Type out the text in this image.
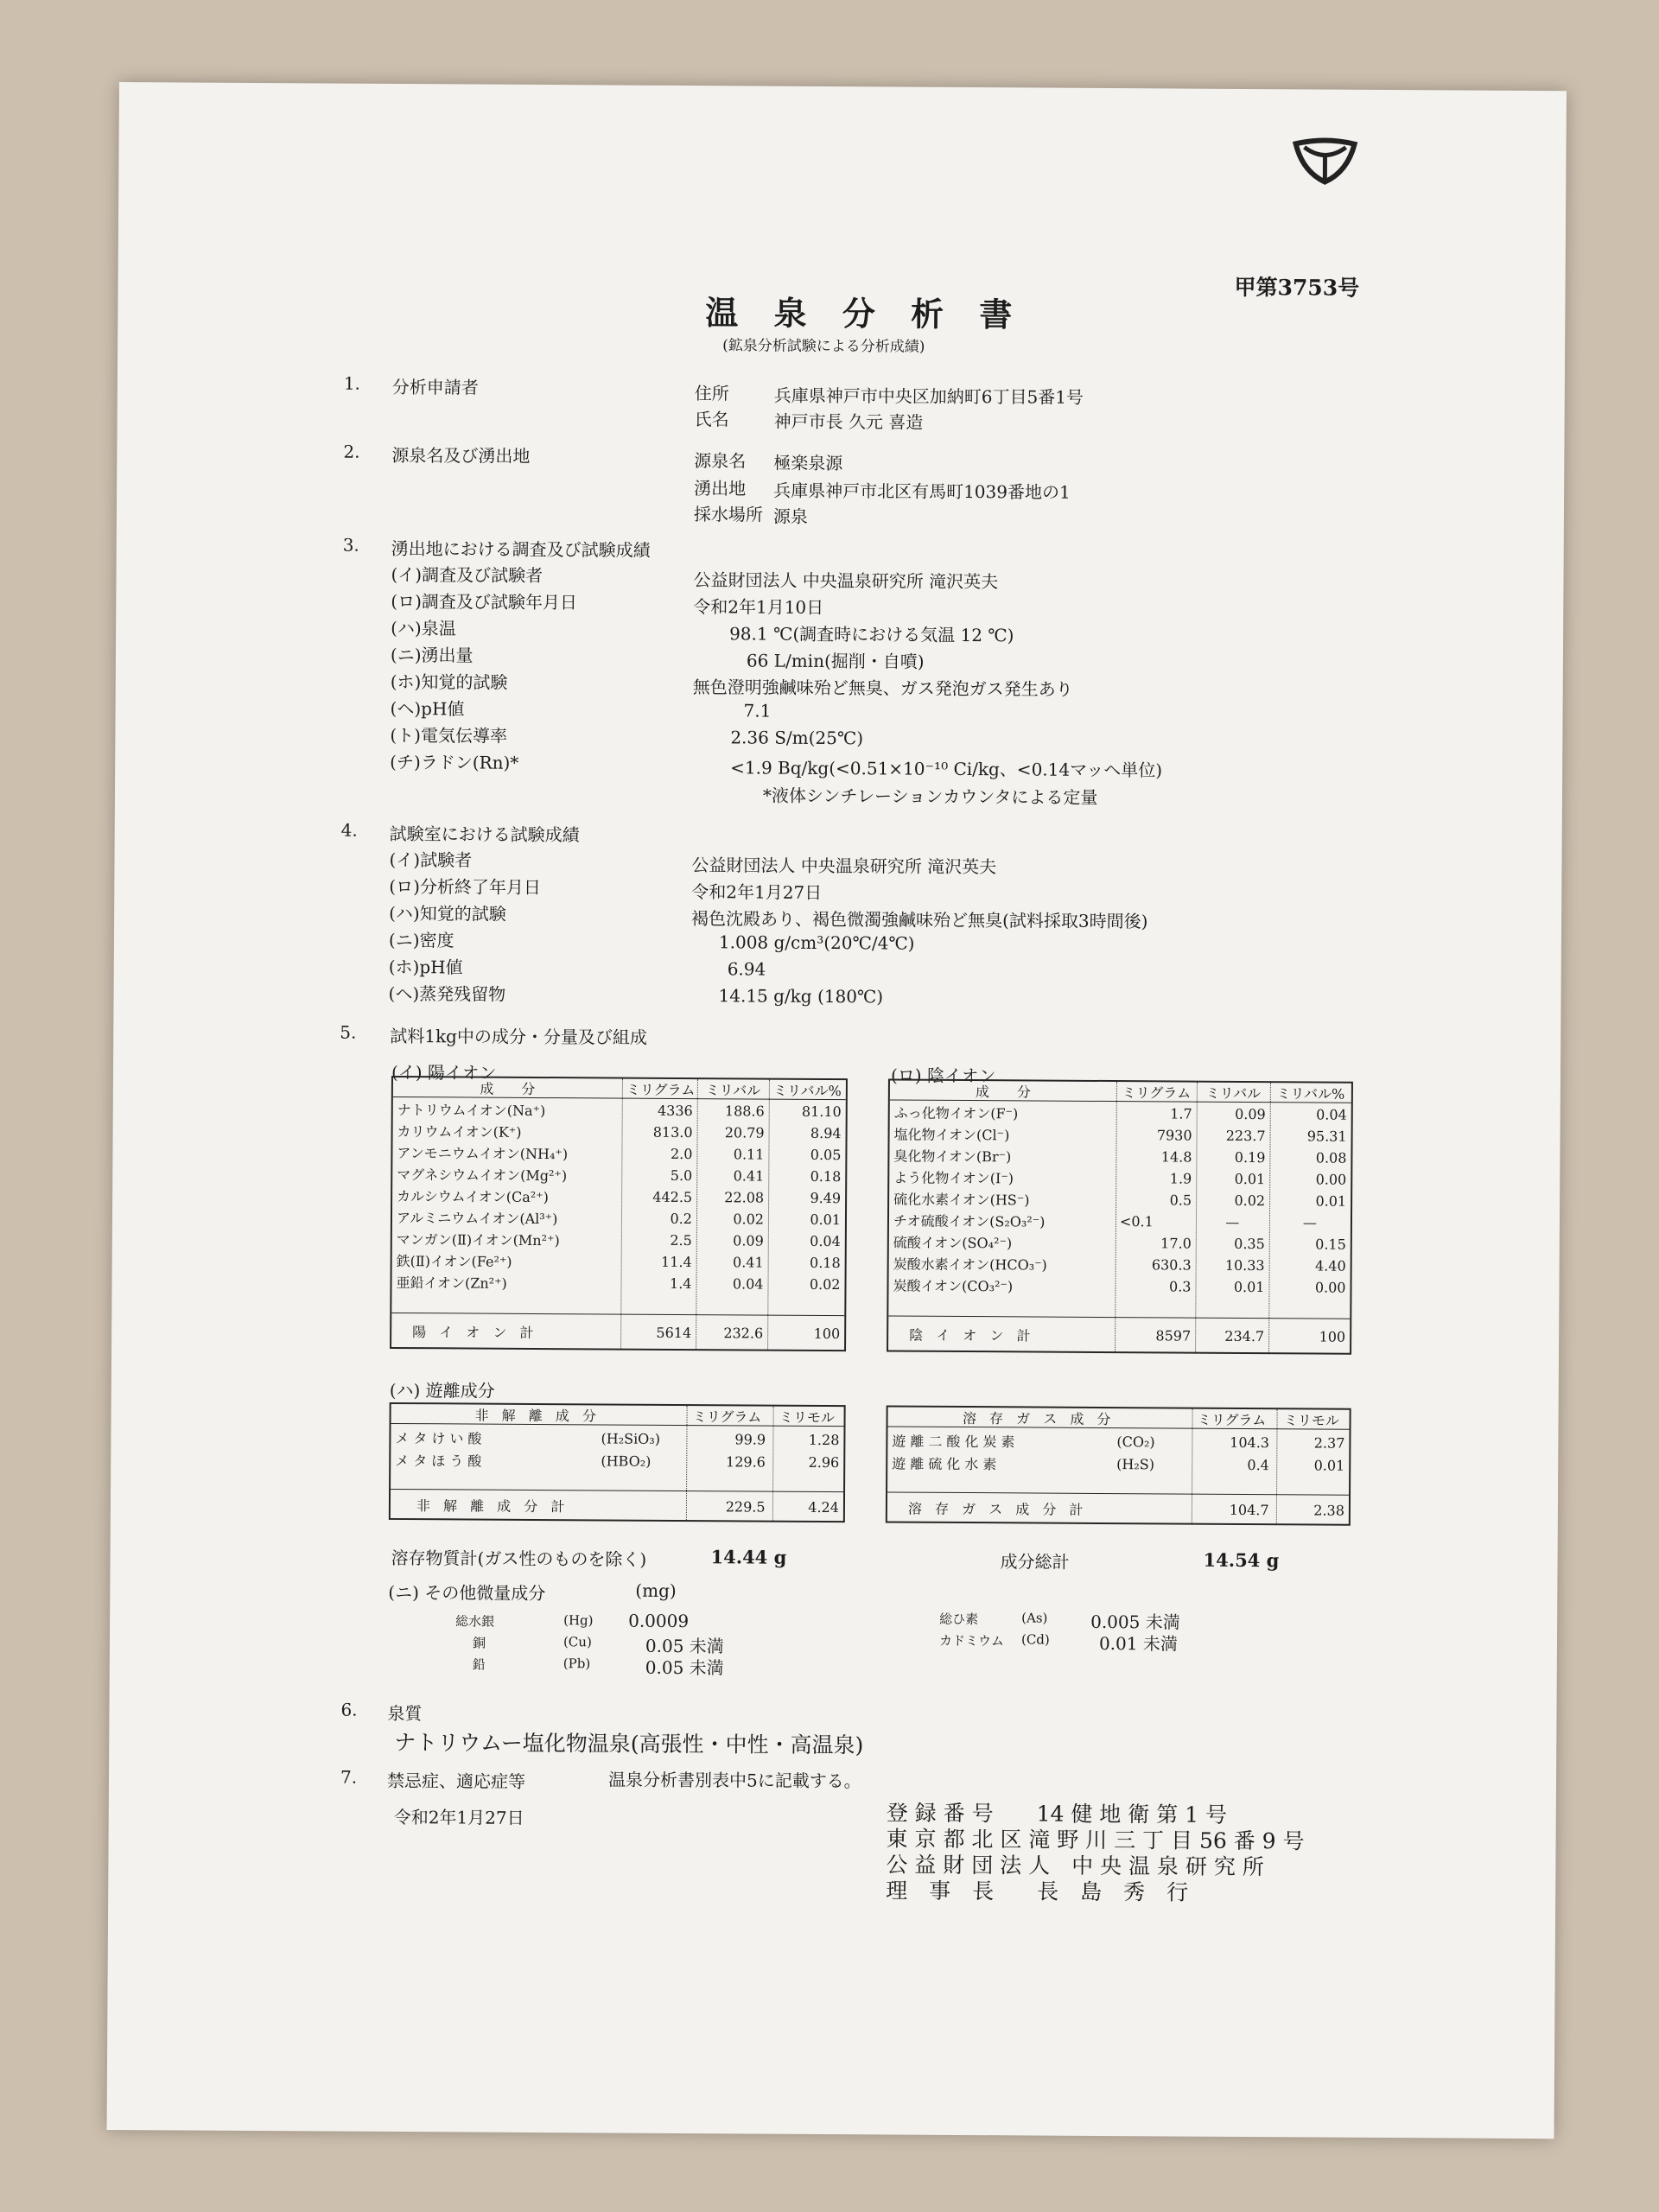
甲第3753号
温 泉 分 析 書
(鉱泉分析試験による分析成績)
1. 分析申請者	住所	兵庫県神戸市中央区加納町6丁目5番1号
氏名	神戸市長 久元 喜造
2. 源泉名及び湧出地	源泉名 極楽泉源
湧出地 兵庫県神戸市北区有馬町1039番地の1
採水場所 源泉
3. 湧出地における調査及び試験成績
(イ)調査及び試験者	公益財団法人 中央温泉研究所 滝沢英夫
(ロ)調査及び試験年月日	令和2年1月10日
(ハ)泉温	98.1 ℃(調査時における気温 12 ℃)
(ニ)湧出量	66 L/min(掘削・自噴)
(ホ)知覚的試験	無色澄明強鹹味殆ど無臭、ガス発泡ガス発生あり
(ヘ)pH値	7.1
(ト)電気伝導率	2.36 S/m(25℃)
(チ)ラドン(Rn)*	<1.9 Bq/kg(<0.51×10⁻¹⁰ Ci/kg、<0.14マッヘ単位)
*液体シンチレーションカウンタによる定量
4. 試験室における試験成績
(イ)試験者	公益財団法人 中央温泉研究所 滝沢英夫
(ロ)分析終了年月日	令和2年1月27日
(ハ)知覚的試験	褐色沈殿あり、褐色微濁強鹹味殆ど無臭(試料採取3時間後)
(ニ)密度	1.008 g/cm³(20℃/4℃)
(ホ)pH値	6.94
(ヘ)蒸発残留物	14.15 g/kg (180℃)
5. 試料1kg中の成分・分量及び組成
(イ) 陽イオン	(ロ) 陰イオン
成　　分	ミリグラム ミリバル ミリバル%
ナトリウムイオン(Na⁺)	4336	188.6	81.10
カリウムイオン(K⁺)	813.0	20.79	8.94
アンモニウムイオン(NH₄⁺)	2.0	0.11	0.05
マグネシウムイオン(Mg²⁺)	5.0	0.41	0.18
カルシウムイオン(Ca²⁺)	442.5	22.08	9.49
アルミニウムイオン(Al³⁺)	0.2	0.02	0.01
マンガン(Ⅱ)イオン(Mn²⁺)	2.5	0.09	0.04
鉄(Ⅱ)イオン(Fe²⁺)	11.4	0.41	0.18
亜鉛イオン(Zn²⁺)	1.4	0.04	0.02
陽 イ オ ン 計	5614	232.6	100
成　　分	ミリグラム	ミリバル	ミリバル%
ふっ化物イオン(F⁻)	1.7	0.09	0.04
塩化物イオン(Cl⁻)	7930	223.7	95.31
臭化物イオン(Br⁻)	14.8	0.19	0.08
よう化物イオン(I⁻)	1.9	0.01	0.00
硫化水素イオン(HS⁻)	0.5	0.02	0.01
チオ硫酸イオン(S₂O₃²⁻)	<0.1	—	—
硫酸イオン(SO₄²⁻)	17.0	0.35	0.15
炭酸水素イオン(HCO₃⁻)	630.3	10.33	4.40
炭酸イオン(CO₃²⁻)	0.3	0.01	0.00
陰 イ オ ン 計	8597	234.7	100
(ハ) 遊離成分
非 解 離 成 分	ミリグラム	ミリモル
メタけい酸	(H₂SiO₃)	99.9	1.28
メタほう酸	(HBO₂)	129.6	2.96
非 解 離 成 分 計	229.5	4.24
溶 存 ガ ス 成 分	ミリグラム	ミリモル
遊離二酸化炭素	(CO₂)	104.3	2.37
遊離硫化水素	(H₂S)	0.4	0.01
溶 存 ガ ス 成 分 計	104.7	2.38
溶存物質計(ガス性のものを除く)	14.44 g	成分総計	14.54 g
(ニ) その他微量成分	(mg)
総水銀	(Hg) 0.0009
銅	(Cu)	0.05 未満
鉛	(Pb)	0.05 未満
総ひ素	(As) 0.005 未満
カドミウム (Cd)	0.01 未満
6. 泉質
ナトリウムー塩化物温泉(高張性・中性・高温泉)
7. 禁忌症、適応症等	温泉分析書別表中5に記載する。
令和2年1月27日	登 録 番 号　　14 健 地 衛 第 1 号
東 京 都 北 区 滝 野 川 三 丁 目 56 番 9 号
公 益 財 団 法 人　中 央 温 泉 研 究 所
理　事　長　　長　島　秀　行
